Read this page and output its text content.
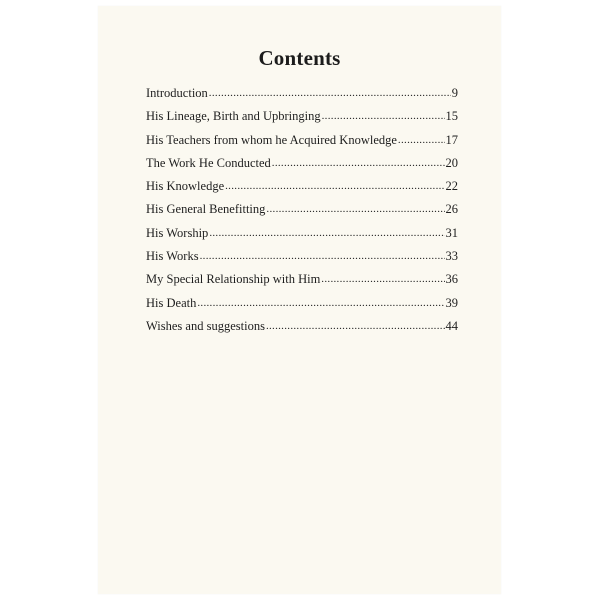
Contents
Introduction .....	9
His Lineage, Birth and Upbringing .....	15
His Teachers from whom he Acquired Knowledge .....	17
The Work He Conducted .....	20
His Knowledge .....	22
His General Benefitting .....	26
His Worship .....	31
His Works .....	33
My Special Relationship with Him .....	36
His Death .....	39
Wishes and suggestions .....	44
